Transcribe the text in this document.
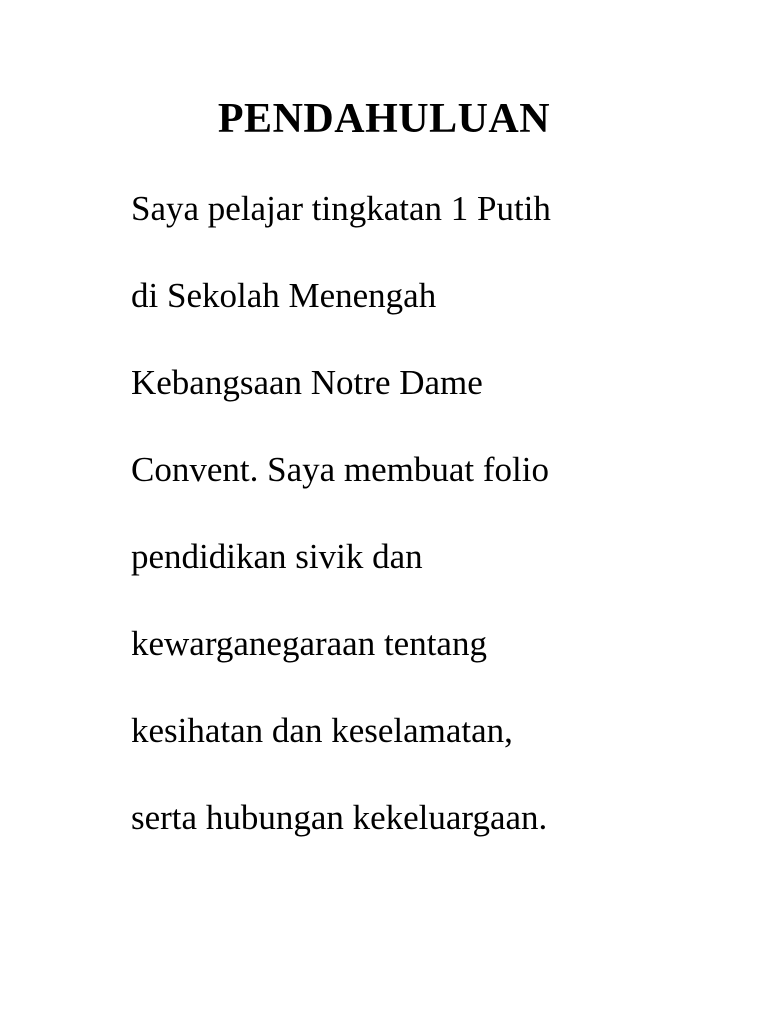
PENDAHULUAN
Saya pelajar tingkatan 1 Putih
di Sekolah Menengah
Kebangsaan Notre Dame
Convent. Saya membuat folio
pendidikan sivik dan
kewarganegaraan tentang
kesihatan dan keselamatan,
serta hubungan kekeluargaan.
